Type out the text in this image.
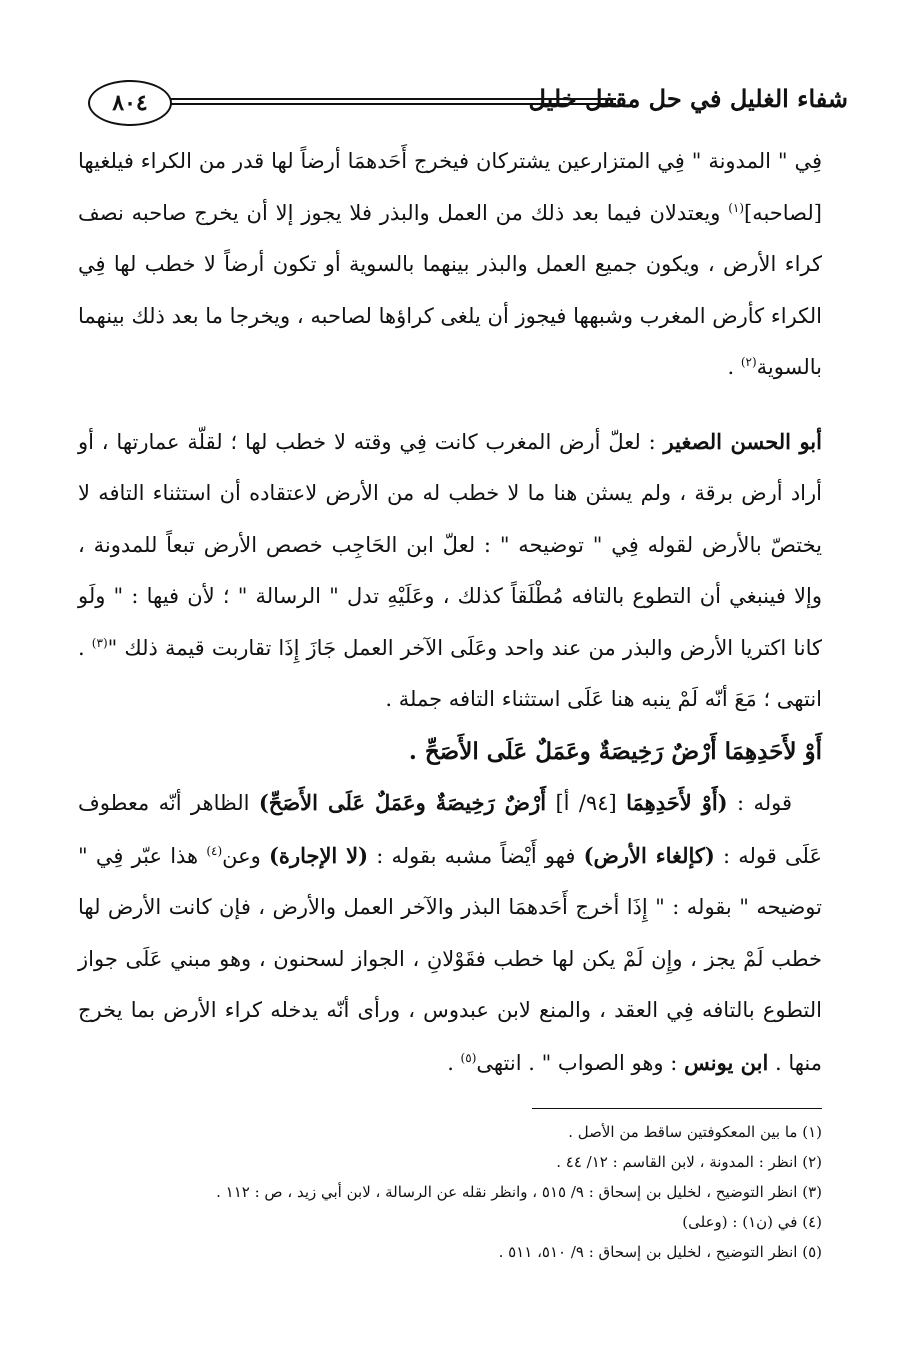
٨٠٤	شفاء الغليل في حل مقفل خليل

فِي " المدونة " فِي المتزارعين يشتركان فيخرج أَحَدهمَا أرضاً لها قدر من الكراء فيلغيها [لصاحبه]$^{(١)}$ ويعتدلان فيما بعد ذلك من العمل والبذر فلا يجوز إلا أن يخرج صاحبه نصف كراء الأرض ، ويكون جميع العمل والبذر بينهما بالسوية أو تكون أرضاً لا خطب لها فِي الكراء كأرض المغرب وشبهها فيجوز أن يلغى كراؤها لصاحبه ، ويخرجا ما بعد ذلك بينهما بالسوية$^{(٢)}$ .

أبو الحسن الصغير : لعلّ أرض المغرب كانت فِي وقته لا خطب لها ؛ لقلّة عمارتها ، أو أراد أرض برقة ، ولم يسثن هنا ما لا خطب له من الأرض لاعتقاده أن استثناء التافه لا يختصّ بالأرض لقوله فِي " توضيحه " : لعلّ ابن الحَاجِب خصص الأرض تبعاً للمدونة ، وإلا فينبغي أن التطوع بالتافه مُطْلَقاً كذلك ، وعَلَيْهِ تدل " الرسالة " ؛ لأن فيها : " ولَو كانا اكتريا الأرض والبذر من عند واحد وعَلَى الآخر العمل جَازَ إِذَا تقاربت قيمة ذلك "$^{(٣)}$ . انتهى ؛ مَعَ أنّه لَمْ ينبه هنا عَلَى استثناء التافه جملة .

أَوْ لأَحَدِهِمَا أَرْضٌ رَخِيصَةٌ وعَمَلٌ عَلَى الأَصَحِّ .

قوله : (أَوْ لأَحَدِهِمَا [٩٤/ أ] أَرْضٌ رَخِيصَةٌ وعَمَلٌ عَلَى الأَصَحِّ) الظاهر أنّه معطوف عَلَى قوله : (كإلغاء الأرض) فهو أَيْضاً مشبه بقوله : (لا الإجارة) وعن$^{(٤)}$ هذا عبّر فِي " توضيحه " بقوله : " إِذَا أخرج أَحَدهمَا البذر والآخر العمل والأرض ، فإن كانت الأرض لها خطب لَمْ يجز ، وإِن لَمْ يكن لها خطب فقَوْلانِ ، الجواز لسحنون ، وهو مبني عَلَى جواز التطوع بالتافه فِي العقد ، والمنع لابن عبدوس ، ورأى أنّه يدخله كراء الأرض بما يخرج منها . ابن يونس : وهو الصواب " . انتهى$^{(٥)}$ .

(١) ما بين المعكوفتين ساقط من الأصل .

(٢) انظر : المدونة ، لابن القاسم : ١٢/ ٤٤ .

(٣) انظر التوضيح ، لخليل بن إسحاق : ٩/ ٥١٥ ، وانظر نقله عن الرسالة ، لابن أبي زيد ، ص : ١١٢ .

(٤) في (ن١) : (وعلى)

(٥) انظر التوضيح ، لخليل بن إسحاق : ٩/ ٥١٠، ٥١١ .
